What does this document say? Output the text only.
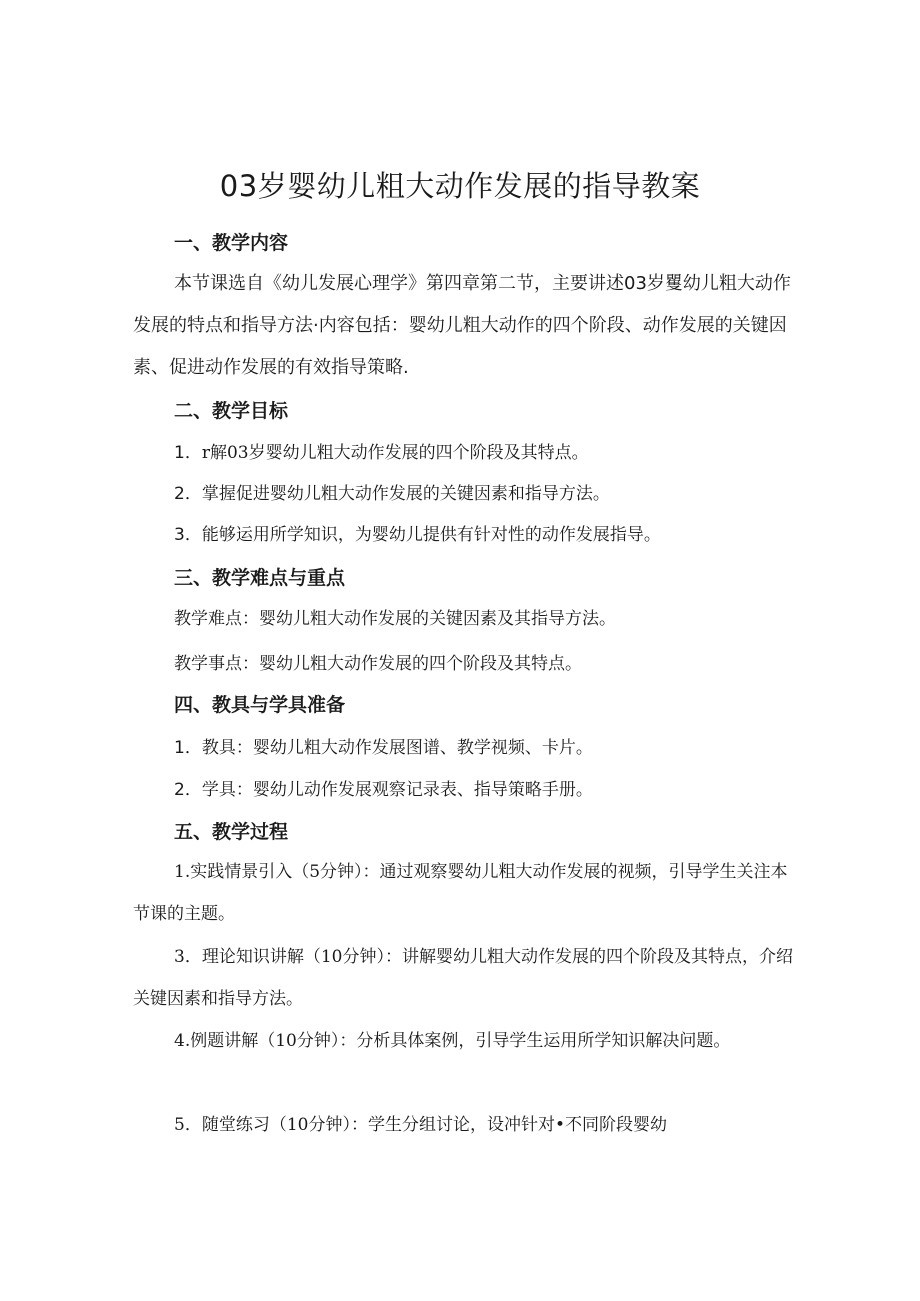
03岁婴幼儿粗大动作发展的指导教案
一、教学内容

本节课选自《幼儿发展心理学》第四章第二节，主要讲述03岁矍幼儿粗大动作发展的特点和指导方法·内容包括：婴幼儿粗大动作的四个阶段、动作发展的关键因素、促进动作发展的有效指导策略.

二、教学目标

1．r解03岁婴幼儿粗大动作发展的四个阶段及其特点。

2．掌握促进婴幼儿粗大动作发展的关键因素和指导方法。

3．能够运用所学知识，为婴幼儿提供有针对性的动作发展指导。

三、教学难点与重点

教学难点：婴幼儿粗大动作发展的关键因素及其指导方法。

教学事点：婴幼儿粗大动作发展的四个阶段及其特点。

四、教具与学具准备

1．教具：婴幼儿粗大动作发展图谱、教学视频、卡片。

2．学具：婴幼儿动作发展观察记录表、指导策略手册。

五、教学过程

1.实践情景引入（5分钟）：通过观察婴幼儿粗大动作发展的视频，引导学生关注本节课的主题。

3．理论知识讲解（10分钟）：讲解婴幼儿粗大动作发展的四个阶段及其特点，介绍关键因素和指导方法。

4.例题讲解（10分钟）：分析具体案例，引导学生运用所学知识解决问题。

5．随堂练习（10分钟）：学生分组讨论，设冲针对•不同阶段婴幼
